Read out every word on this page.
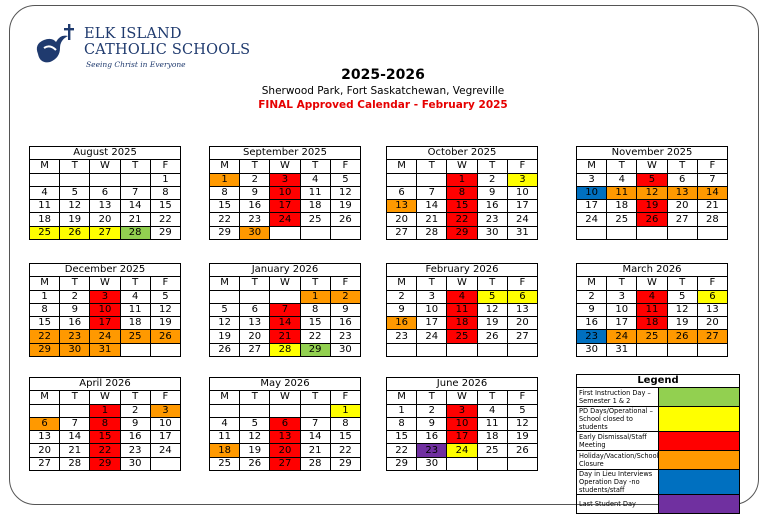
ELK ISLAND
CATHOLIC SCHOOLS
Seeing Christ in Everyone
2025-2026
Sherwood Park, Fort Saskatchewan, Vegreville
FINAL Approved Calendar - February 2025
August 2025				
M	T	W	T	F
				1
4	5	6	7	8
11	12	13	14	15
18	19	20	21	22
25	26	27	28	29
September 2025				
M	T	W	T	F
1	2	3	4	5
8	9	10	11	12
15	16	17	18	19
22	23	24	25	26
29	30			
October 2025				
M	T	W	T	F
		1	2	3
6	7	8	9	10
13	14	15	16	17
20	21	22	23	24
27	28	29	30	31
November 2025				
M	T	W	T	F
3	4	5	6	7
10	11	12	13	14
17	18	19	20	21
24	25	26	27	28

December 2025				
M	T	W	T	F
1	2	3	4	5
8	9	10	11	12
15	16	17	18	19
22	23	24	25	26
29	30	31		
January 2026				
M	T	W	T	F
			1	2
5	6	7	8	9
12	13	14	15	16
19	20	21	22	23
26	27	28	29	30
February 2026				
M	T	W	T	F
2	3	4	5	6
9	10	11	12	13
16	17	18	19	20
23	24	25	26	27

March 2026				
M	T	W	T	F
2	3	4	5	6
9	10	11	12	13
16	17	18	19	20
23	24	25	26	27
30	31			
April 2026				
M	T	W	T	F
		1	2	3
6	7	8	9	10
13	14	15	16	17
20	21	22	23	24
27	28	29	30	
May 2026				
M	T	W	T	F
				1
4	5	6	7	8
11	12	13	14	15
18	19	20	21	22
25	26	27	28	29
June 2026				
M	T	W	T	F
1	2	3	4	5
8	9	10	11	12
15	16	17	18	19
22	23	24	25	26
29	30			
Legend	
First Instruction Day –Semester 1 & 2	
PD Days/Operational – School closed to students	
Early Dismissal/Staff Meeting	
Holiday/Vacation/School Closure	
Day in Lieu Interviews Operation Day -no students/staff	
Last Student Day	
